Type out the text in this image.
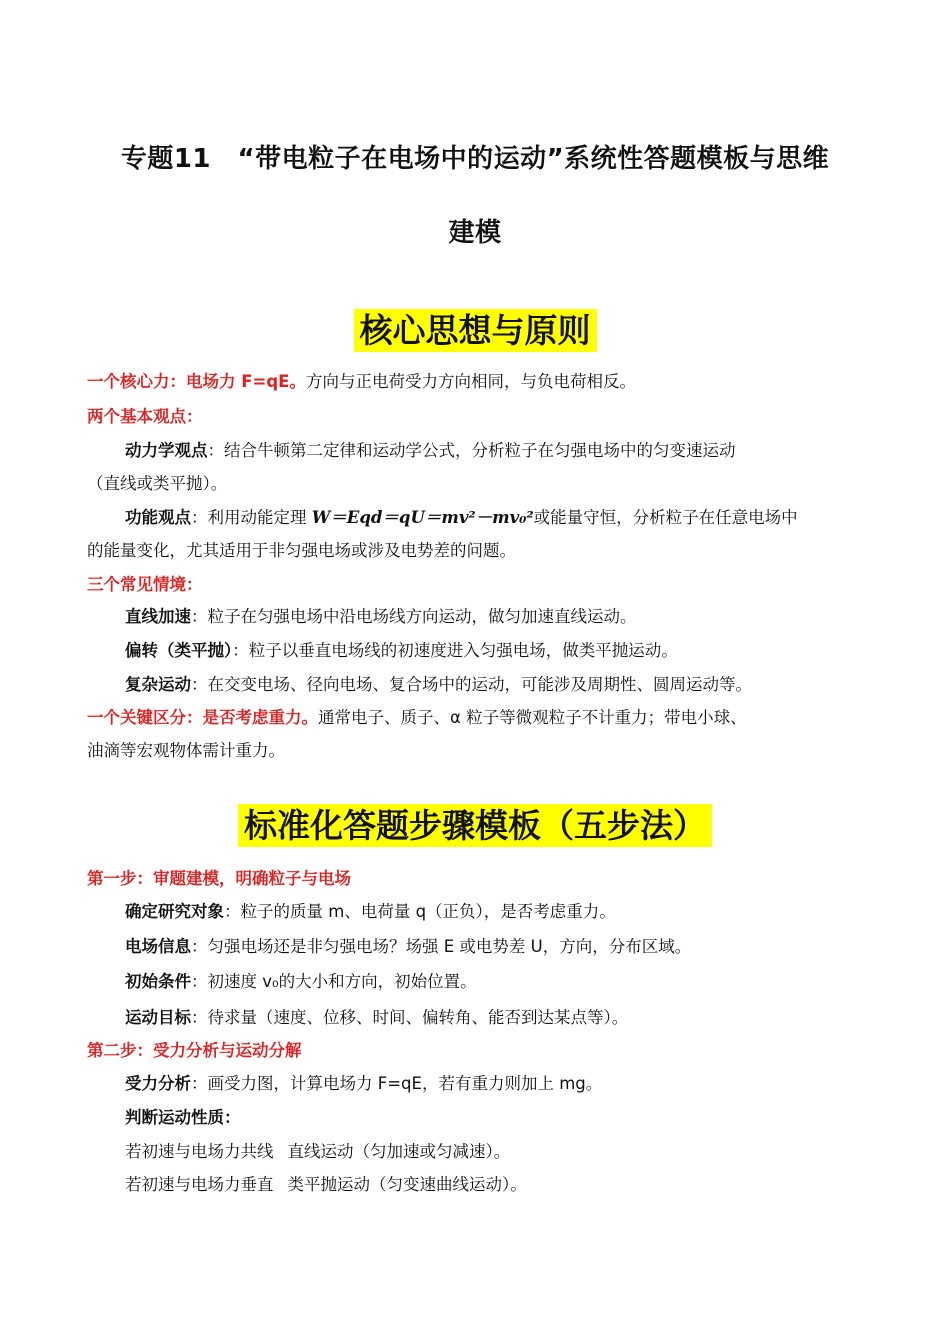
专题11　“带电粒子在电场中的运动”系统性答题模板与思维
建模
核心思想与原则
一个核心力：电场力 F=qE。方向与正电荷受力方向相同，与负电荷相反。
两个基本观点：
动力学观点：结合牛顿第二定律和运动学公式，分析粒子在匀强电场中的匀变速运动
（直线或类平抛）。
功能观点：利用动能定理 W＝Eqd＝qU＝mv²－mv₀²或能量守恒，分析粒子在任意电场中
的能量变化，尤其适用于非匀强电场或涉及电势差的问题。
三个常见情境：
直线加速：粒子在匀强电场中沿电场线方向运动，做匀加速直线运动。
偏转（类平抛）：粒子以垂直电场线的初速度进入匀强电场，做类平抛运动。
复杂运动：在交变电场、径向电场、复合场中的运动，可能涉及周期性、圆周运动等。
一个关键区分：是否考虑重力。通常电子、质子、α 粒子等微观粒子不计重力；带电小球、
油滴等宏观物体需计重力。
标准化答题步骤模板（五步法）
第一步：审题建模，明确粒子与电场
确定研究对象：粒子的质量 m、电荷量 q（正负），是否考虑重力。
电场信息：匀强电场还是非匀强电场？场强 E 或电势差 U，方向，分布区域。
初始条件：初速度 v₀的大小和方向，初始位置。
运动目标：待求量（速度、位移、时间、偏转角、能否到达某点等）。
第二步：受力分析与运动分解
受力分析：画受力图，计算电场力 F=qE，若有重力则加上 mg。
判断运动性质：
若初速与电场力共线 直线运动（匀加速或匀减速）。
若初速与电场力垂直 类平抛运动（匀变速曲线运动）。
